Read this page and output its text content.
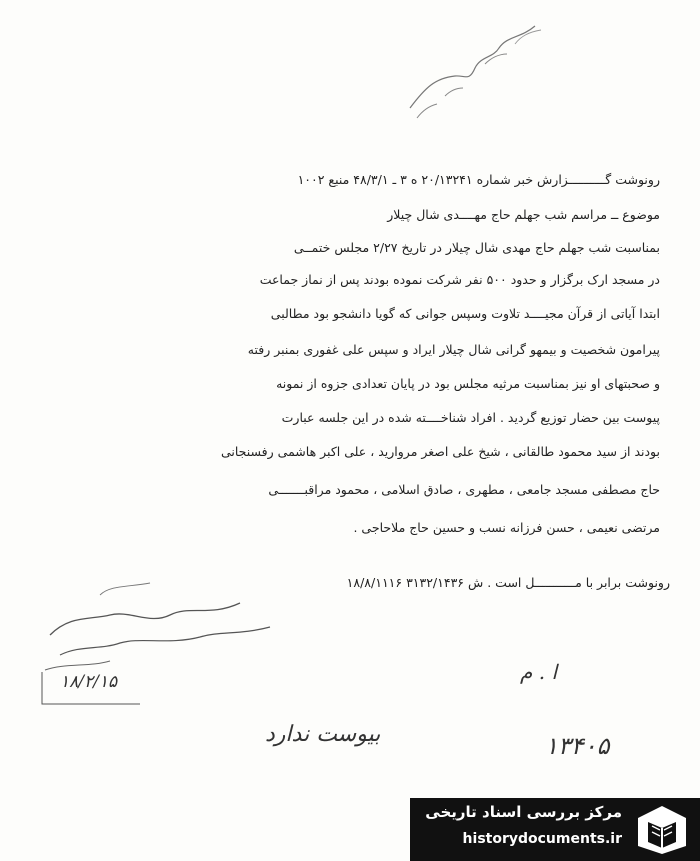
رونوشت گــــــــــزارش خبر شماره ۲۰/۱۳۲۴۱ ه ۳ ـ ۴۸/۳/۱ منبع ۱۰۰۲
موضوع ــ مراسم شب جهلم حاج مهــــدی شال چیلار
بمناسبت شب جهلم حاج مهدی شال چیلار در تاریخ ۲/۲۷ مجلس ختمــی
در مسجد ارک برگزار و حدود ۵۰۰ نفر شرکت نموده بودند پس از نماز جماعت
ابتدا آیاتی از قرآن مجیــــد تلاوت وسپس جوانی که گویا دانشجو بود مطالبی
پیرامون شخصیت و بیمهو گرانی شال چیلار ایراد و سپس علی غفوری بمنبر رفته
و صحبتهای او نیز بمناسبت مرثیه مجلس بود در پایان تعدادی جزوه از نمونه
پیوست بین حضار توزیع گردید . افراد شناخــــته شده در این جلسه عبارت
بودند از سید محمود طالقانی ، شیخ علی اصغر مروارید ، علی اکبر هاشمی رفسنجانی
حاج مصطفی مسجد جامعی ، مطهری ، صادق اسلامی ، محمود مراقبـــــــی
مرتضی نعیمی ، حسن فرزانه نسب و حسین حاج ملاحاجی .
رونوشت برابر با مـــــــــــل است . ش ۳۱۳۲/۱۴۳۶ ۱۸/۸/۱۱۱۶
۱۸/۲/۱۵	ا . م
بیوست ندارد	۱۳۴۰۵
مرکز بررسی اسناد تاریخی
historydocuments.ir
